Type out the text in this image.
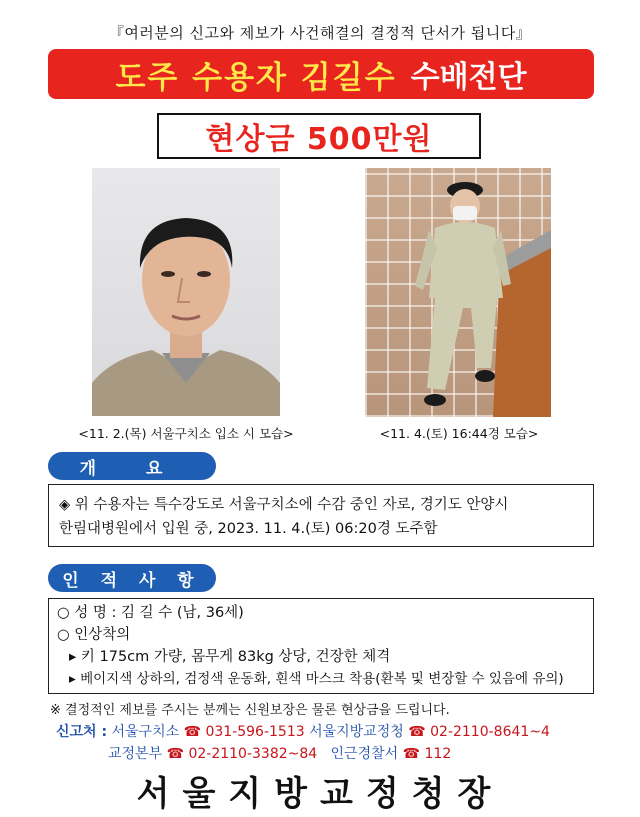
『여러분의 신고와 제보가 사건해결의 결정적 단서가 됩니다』
도주 수용자 김길수 수배전단
현상금 500만원
<11. 2.(목) 서울구치소 입소 시 모습>	<11. 4.(토) 16:44경 모습>
개 요
◈ 위 수용자는 특수강도로 서울구치소에 수감 중인 자로, 경기도 안양시
한림대병원에서 입원 중, 2023. 11. 4.(토) 06:20경 도주함
인 적 사 항
○ 성 명 : 김 길 수 (남, 36세)
○ 인상착의
▸ 키 175cm 가량, 몸무게 83kg 상당, 건장한 체격
▸ 베이지색 상하의, 검정색 운동화, 흰색 마스크 착용(환복 및 변장할 수 있음에 유의)
※ 결정적인 제보를 주시는 분께는 신원보장은 물론 현상금을 드립니다.
신고처 : 서울구치소 ☎ 031-596-1513 서울지방교정청 ☎ 02-2110-8641~4
교정본부 ☎ 02-2110-3382~84 인근경찰서 ☎ 112
서울지방교정청장
